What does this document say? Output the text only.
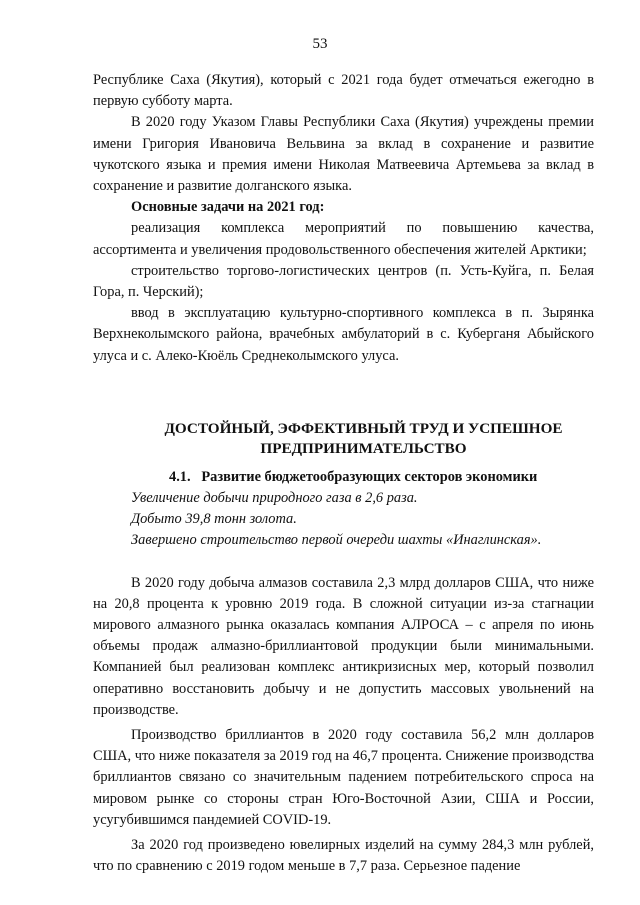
53

Республике Саха (Якутия), который с 2021 года будет отмечаться ежегодно в первую субботу марта.

В 2020 году Указом Главы Республики Саха (Якутия) учреждены премии имени Григория Ивановича Вельвина за вклад в сохранение и развитие чукотского языка и премия имени Николая Матвеевича Артемьева за вклад в сохранение и развитие долганского языка.

Основные задачи на 2021 год:

реализация комплекса мероприятий по повышению качества, ассортимента и увеличения продовольственного обеспечения жителей Арктики;

строительство торгово-логистических центров (п. Усть-Куйга, п. Белая Гора, п. Черский);

ввод в эксплуатацию культурно-спортивного комплекса в п. Зырянка Верхнеколымского района, врачебных амбулаторий в с. Куберганя Абыйского улуса и с. Алеко-Кюёль Среднеколымского улуса.

ДОСТОЙНЫЙ, ЭФФЕКТИВНЫЙ ТРУД И УСПЕШНОЕ
ПРЕДПРИНИМАТЕЛЬСТВО

4.1.   Развитие бюджетообразующих секторов экономики

Увеличение добычи природного газа в 2,6 раза.

Добыто 39,8 тонн золота.

Завершено строительство первой очереди шахты «Инаглинская».

В 2020 году добыча алмазов составила 2,3 млрд долларов США, что ниже на 20,8 процента к уровню 2019 года. В сложной ситуации из-за стагнации мирового алмазного рынка оказалась компания АЛРОСА – с апреля по июнь объемы продаж алмазно-бриллиантовой продукции были минимальными. Компанией был реализован комплекс антикризисных мер, который позволил оперативно восстановить добычу и не допустить массовых увольнений на производстве.

Производство бриллиантов в 2020 году составила 56,2 млн долларов США, что ниже показателя за 2019 год на 46,7 процента. Снижение производства бриллиантов связано со значительным падением потребительского спроса на мировом рынке со стороны стран Юго-Восточной Азии, США и России, усугубившимся пандемией COVID-19.

За 2020 год произведено ювелирных изделий на сумму 284,3 млн рублей, что по сравнению с 2019 годом меньше в 7,7 раза. Серьезное падение
